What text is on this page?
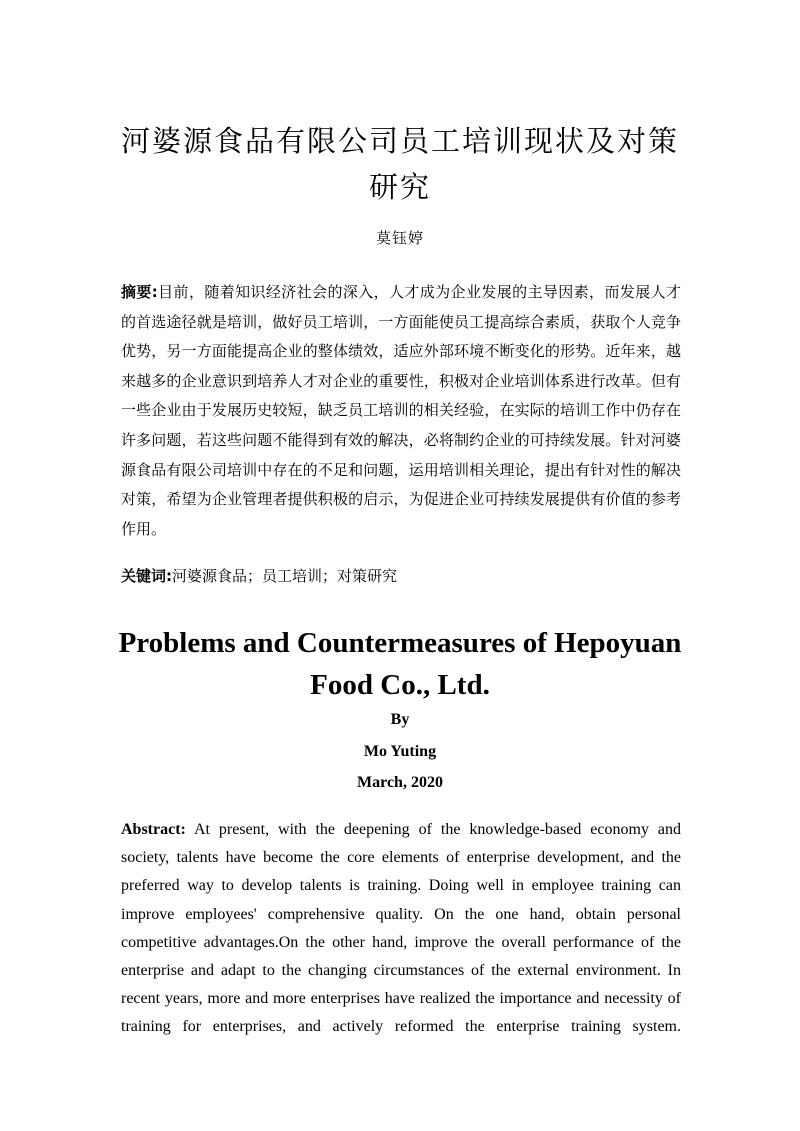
河婆源食品有限公司员工培训现状及对策研究
莫钰婷
摘要:目前，随着知识经济社会的深入，人才成为企业发展的主导因素，而发展人才的首选途径就是培训，做好员工培训，一方面能使员工提高综合素质，获取个人竞争优势，另一方面能提高企业的整体绩效，适应外部环境不断变化的形势。近年来，越来越多的企业意识到培养人才对企业的重要性，积极对企业培训体系进行改革。但有一些企业由于发展历史较短，缺乏员工培训的相关经验，在实际的培训工作中仍存在许多问题，若这些问题不能得到有效的解决，必将制约企业的可持续发展。针对河婆源食品有限公司培训中存在的不足和问题，运用培训相关理论，提出有针对性的解决对策，希望为企业管理者提供积极的启示，为促进企业可持续发展提供有价值的参考作用。
关键词:河婆源食品；员工培训；对策研究
Problems and Countermeasures of Hepoyuan Food Co., Ltd.
By
Mo Yuting
March, 2020
Abstract: At present, with the deepening of the knowledge-based economy and society, talents have become the core elements of enterprise development, and the preferred way to develop talents is training. Doing well in employee training can improve employees' comprehensive quality. On the one hand, obtain personal competitive advantages.On the other hand, improve the overall performance of the enterprise and adapt to the changing circumstances of the external environment. In recent years, more and more enterprises have realized the importance and necessity of training for enterprises, and actively reformed the enterprise training system.
